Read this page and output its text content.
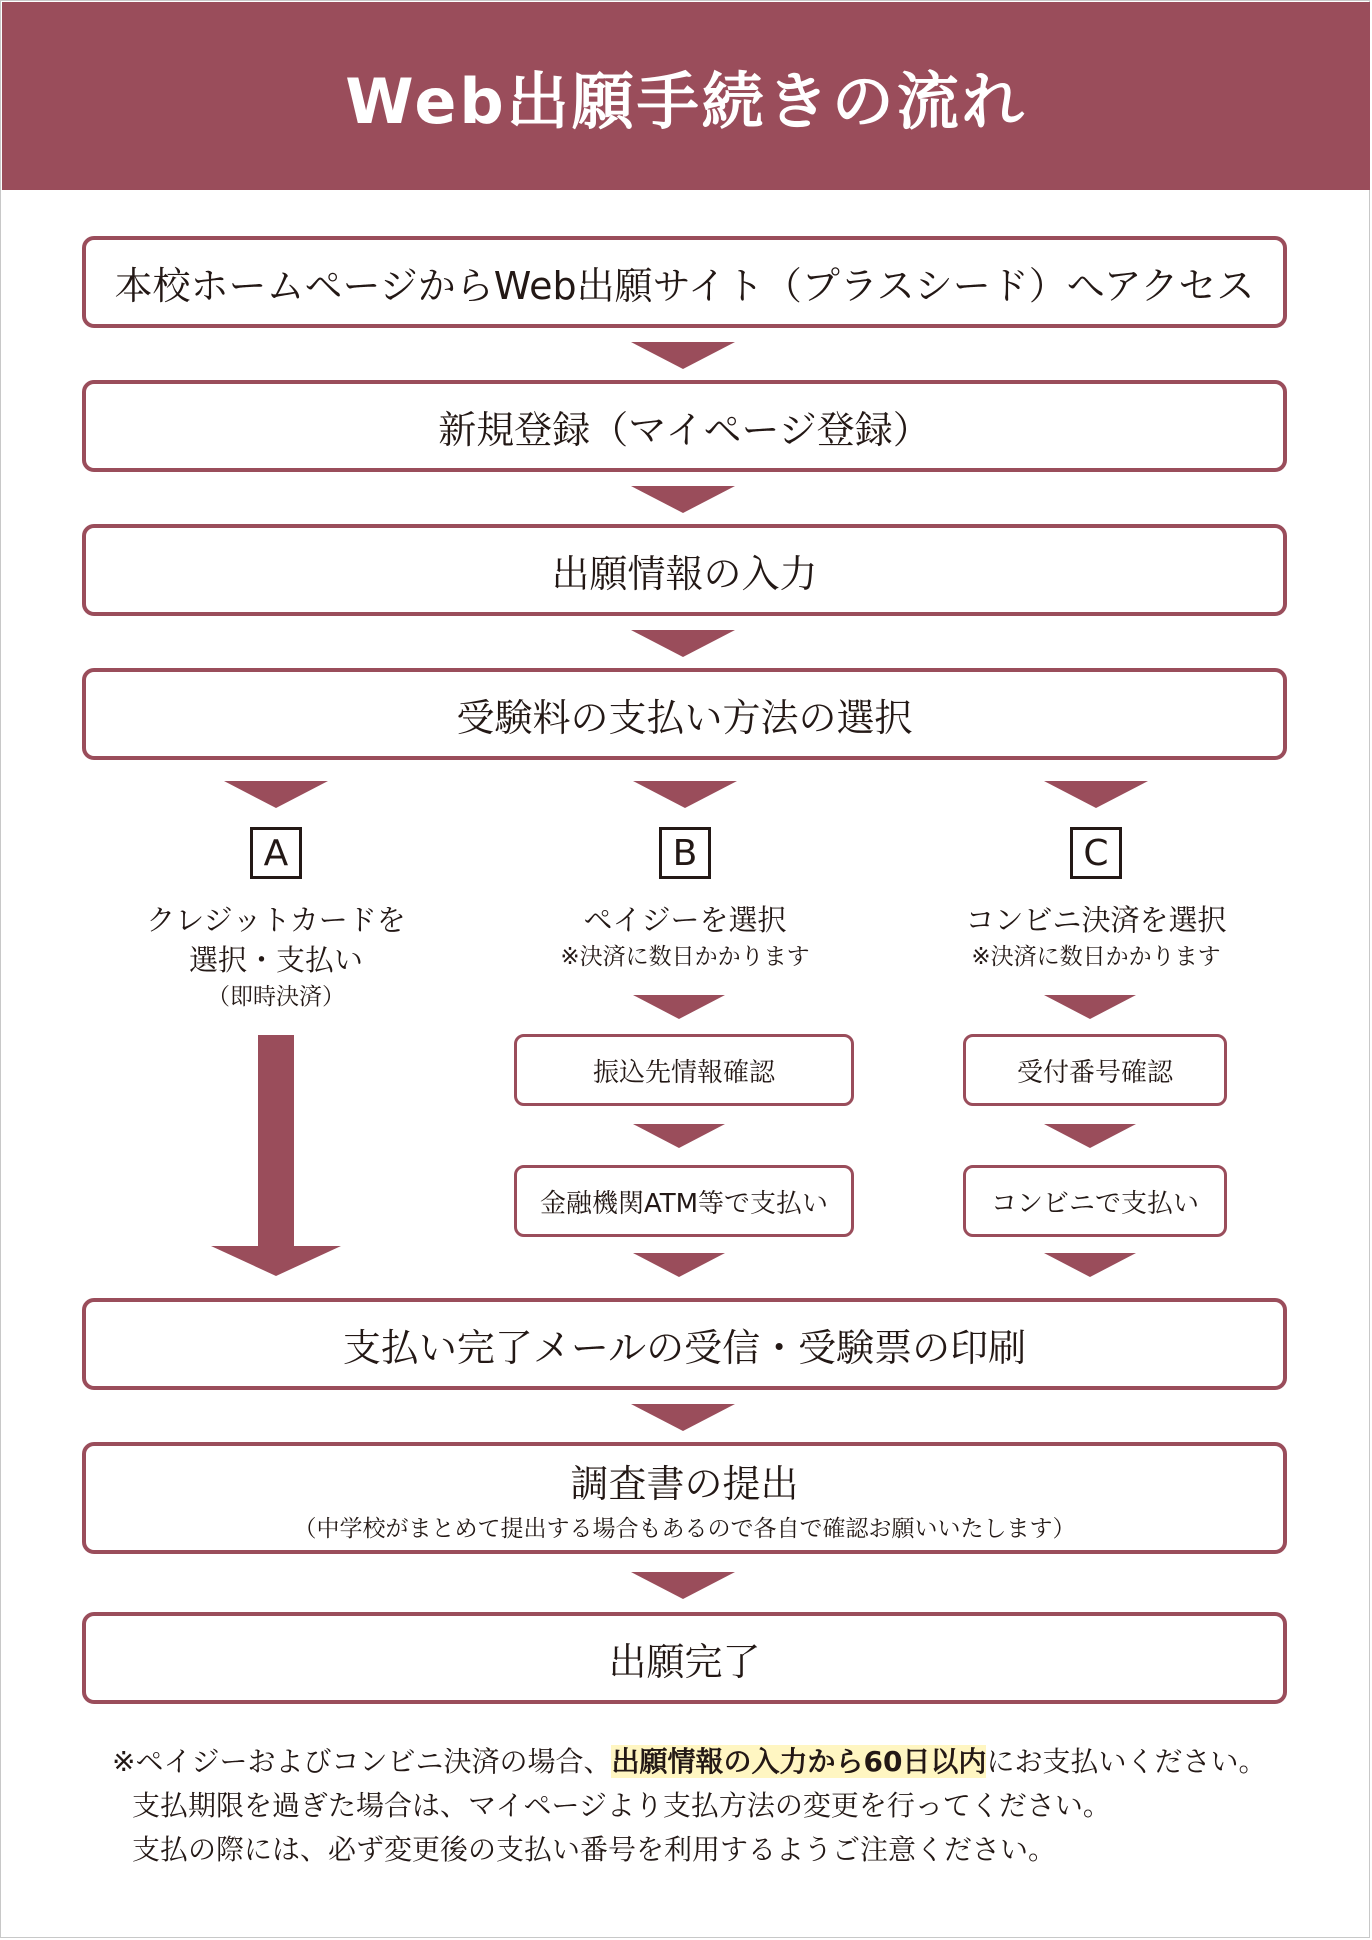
Web出願手続きの流れ
本校ホームページからWeb出願サイト（プラスシード）へアクセス
新規登録（マイページ登録）
出願情報の入力
受験料の支払い方法の選択
A	B	C
クレジットカードを
選択・支払い
（即時決済）
ペイジーを選択
※決済に数日かかります
コンビニ決済を選択
※決済に数日かかります
振込先情報確認
金融機関ATM等で支払い
受付番号確認
コンビニで支払い
支払い完了メールの受信・受験票の印刷
調査書の提出
（中学校がまとめて提出する場合もあるので各自で確認お願いいたします）
出願完了
※ペイジーおよびコンビニ決済の場合、出願情報の入力から60日以内にお支払いください。
支払期限を過ぎた場合は、マイページより支払方法の変更を行ってください。
支払の際には、必ず変更後の支払い番号を利用するようご注意ください。
